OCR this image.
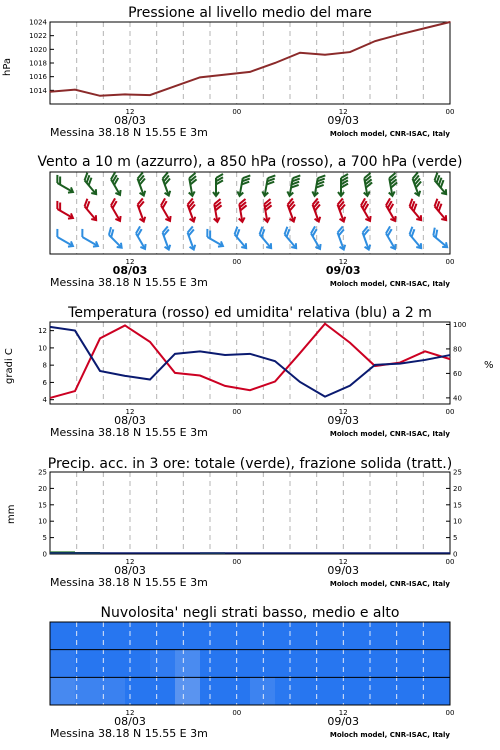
Pressione al livello medio del mare
hPa
1014
1016
1018
1020
1022
1024
12	00	12	00
08/03	09/03
Messina 38.18 N 15.55 E 3m	Moloch model, CNR-ISAC, Italy
Vento a 10 m (azzurro), a 850 hPa (rosso), a 700 hPa (verde)
12	00	12	00
08/03	09/03
Messina 38.18 N 15.55 E 3m	Moloch model, CNR-ISAC, Italy
Temperatura (rosso) ed umidita' relativa (blu) a 2 m
gradi C	%
4
6
8
10
12
40
60
80
100
12	00	12	00
08/03	09/03
Messina 38.18 N 15.55 E 3m	Moloch model, CNR-ISAC, Italy
Precip. acc. in 3 ore: totale (verde), frazione solida (tratt.)
mm
0	0
5	5
10	10
15	15
20	20
25	25
12	00	12	00
08/03	09/03
Messina 38.18 N 15.55 E 3m	Moloch model, CNR-ISAC, Italy
Nuvolosita' negli strati basso, medio e alto
12	00	12	00
08/03	09/03
Messina 38.18 N 15.55 E 3m	Moloch model, CNR-ISAC, Italy
